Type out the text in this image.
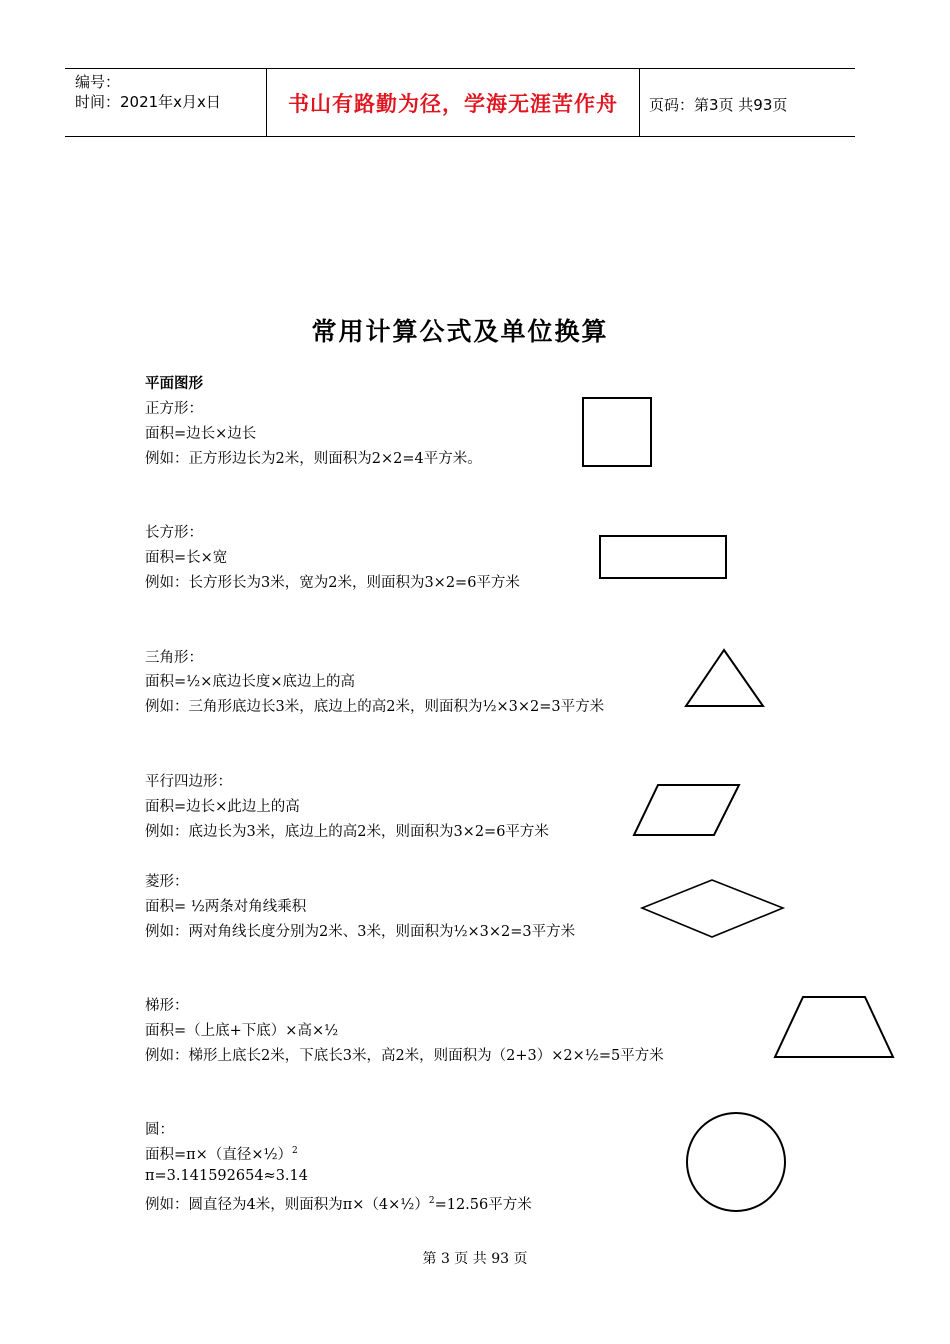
编号：
时间：2021年x月x日	书山有路勤为径，学海无涯苦作舟	页码：第3页 共93页
常用计算公式及单位换算
平面图形
正方形：
面积=边长×边长
例如：正方形边长为2米，则面积为2×2=4平方米。
长方形：
面积=长×宽
例如：长方形长为3米，宽为2米，则面积为3×2=6平方米
三角形：
面积=½×底边长度×底边上的高
例如：三角形底边长3米，底边上的高2米，则面积为½×3×2=3平方米
平行四边形：
面积=边长×此边上的高
例如：底边长为3米，底边上的高2米，则面积为3×2=6平方米
菱形：
面积= ½两条对角线乘积
例如：两对角线长度分别为2米、3米，则面积为½×3×2=3平方米
梯形：
面积=（上底+下底）×高×½
例如：梯形上底长2米，下底长3米，高2米，则面积为（2+3）×2×½=5平方米
圆：
面积=π×（直径×½）$^2$
π=3.141592654≈3.14
例如：圆直径为4米，则面积为π×（4×½）$^2$=12.56平方米
第 3 页 共 93 页
